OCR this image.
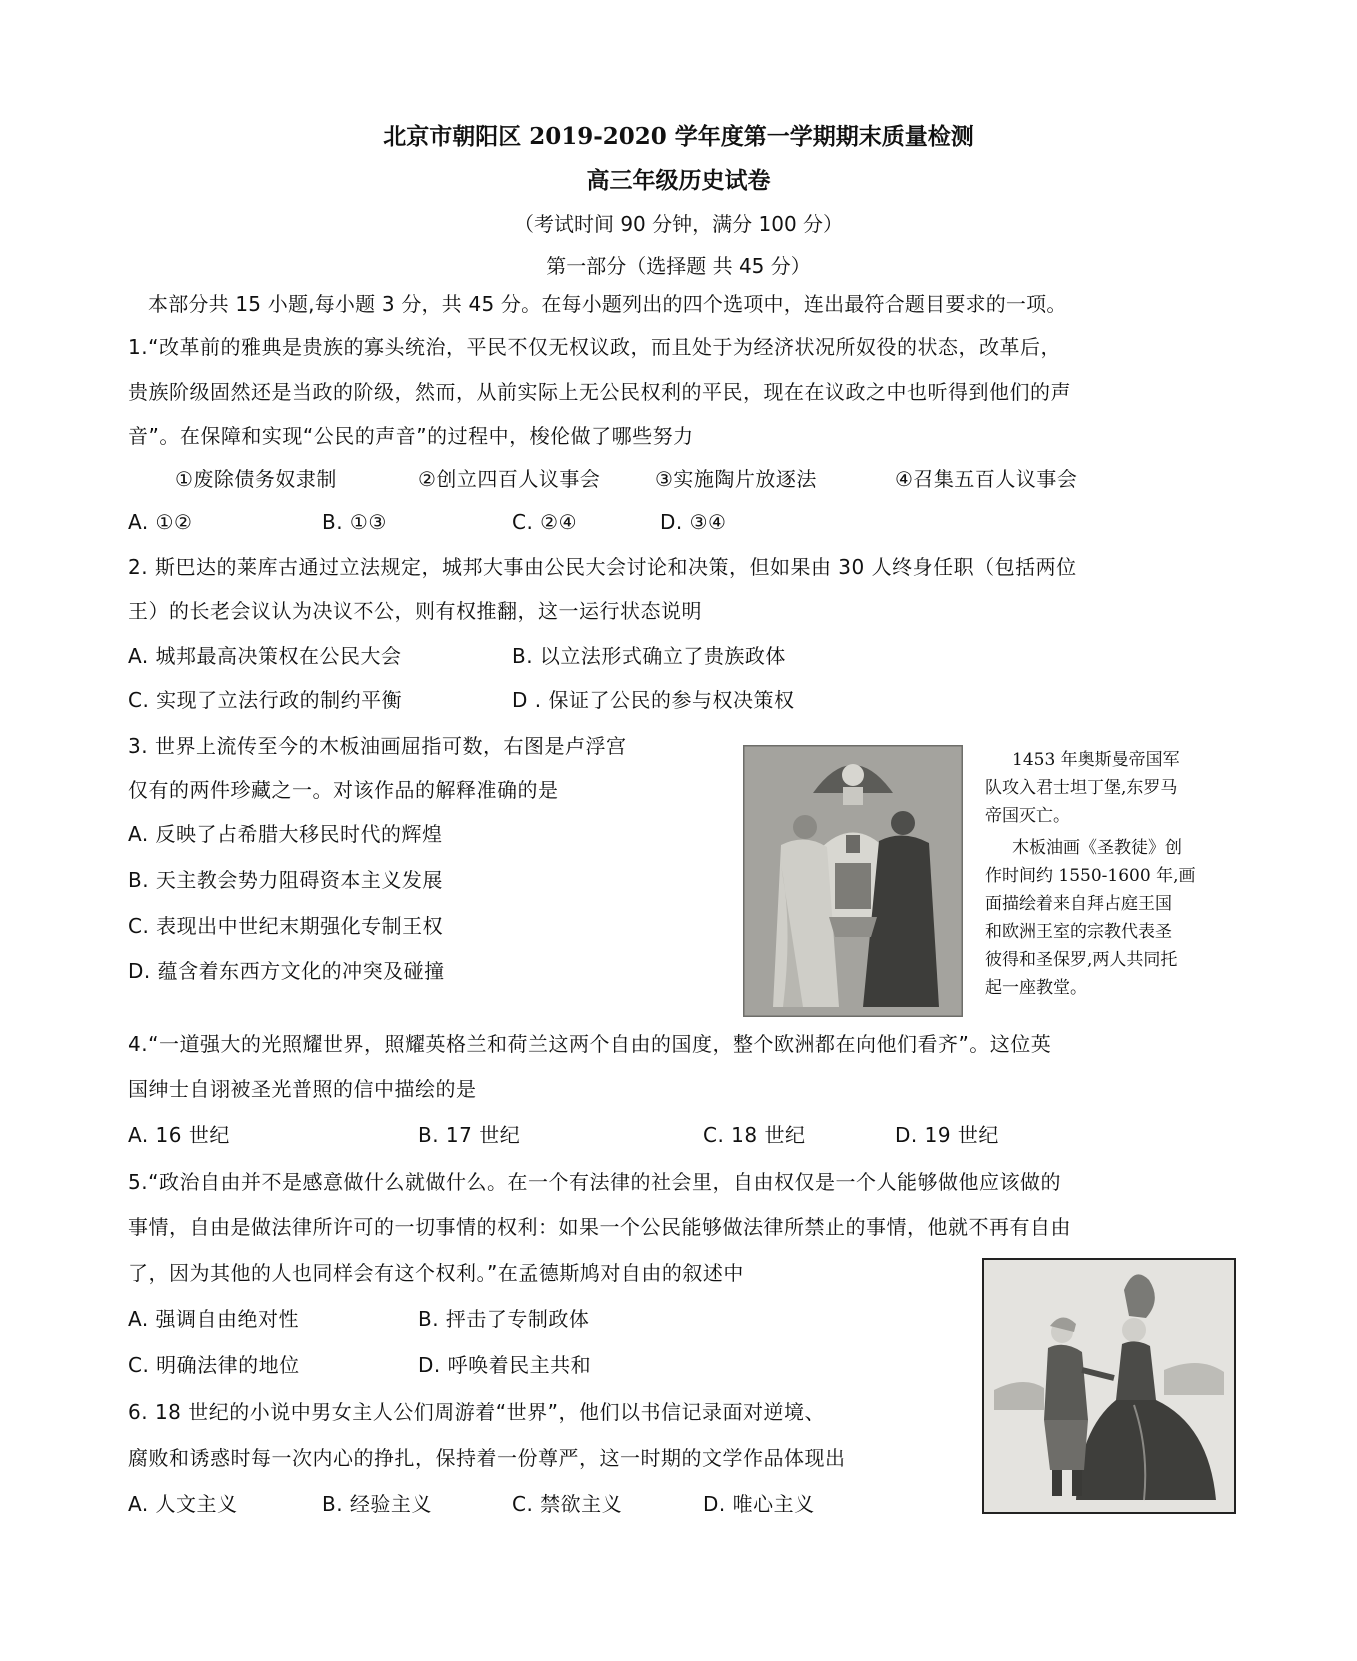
北京市朝阳区 2019-2020 学年度第一学期期末质量检测
高三年级历史试卷
（考试时间 90 分钟，满分 100 分）
第一部分（选择题 共 45 分）
本部分共 15 小题,每小题 3 分，共 45 分。在每小题列出的四个选项中，连出最符合题目要求的一项。
1.“改革前的雅典是贵族的寡头统治，平民不仅无权议政，而且处于为经济状况所奴役的状态，改革后，
贵族阶级固然还是当政的阶级，然而，从前实际上无公民权利的平民，现在在议政之中也听得到他们的声
音”。在保障和实现“公民的声音”的过程中，梭伦做了哪些努力
①废除债务奴隶制	②创立四百人议事会	③实施陶片放逐法	④召集五百人议事会
A. ①②	B. ①③	C. ②④	D. ③④
2. 斯巴达的莱库古通过立法规定，城邦大事由公民大会讨论和决策，但如果由 30 人终身任职（包括两位
王）的长老会议认为决议不公，则有权推翻，这一运行状态说明
A. 城邦最高决策权在公民大会	B. 以立法形式确立了贵族政体
C. 实现了立法行政的制约平衡	D . 保证了公民的参与权决策权
3. 世界上流传至今的木板油画屈指可数，右图是卢浮宫
仅有的两件珍藏之一。对该作品的解释准确的是
A. 反映了占希腊大移民时代的辉煌
B. 天主教会势力阻碍资本主义发展
C. 表现出中世纪末期强化专制王权
D. 蕴含着东西方文化的冲突及碰撞
1453 年奥斯曼帝国军
队攻入君士坦丁堡,东罗马
帝国灭亡。
木板油画《圣教徒》创
作时间约 1550-1600 年,画
面描绘着来自拜占庭王国
和欧洲王室的宗教代表圣
彼得和圣保罗,两人共同托
起一座教堂。
4.“一道强大的光照耀世界，照耀英格兰和荷兰这两个自由的国度，整个欧洲都在向他们看齐”。这位英
国绅士自诩被圣光普照的信中描绘的是
A. 16 世纪	B. 17 世纪	C. 18 世纪	D. 19 世纪
5.“政治自由并不是感意做什么就做什么。在一个有法律的社会里，自由权仅是一个人能够做他应该做的
事情，自由是做法律所许可的一切事情的权利：如果一个公民能够做法律所禁止的事情，他就不再有自由
了，因为其他的人也同样会有这个权利。”在孟德斯鸠对自由的叙述中
A. 强调自由绝对性	B. 抨击了专制政体
C. 明确法律的地位	D. 呼唤着民主共和
6. 18 世纪的小说中男女主人公们周游着“世界”，他们以书信记录面对逆境、
腐败和诱惑时每一次内心的挣扎，保持着一份尊严，这一时期的文学作品体现出
A. 人文主义	B. 经验主义	C. 禁欲主义	D. 唯心主义
